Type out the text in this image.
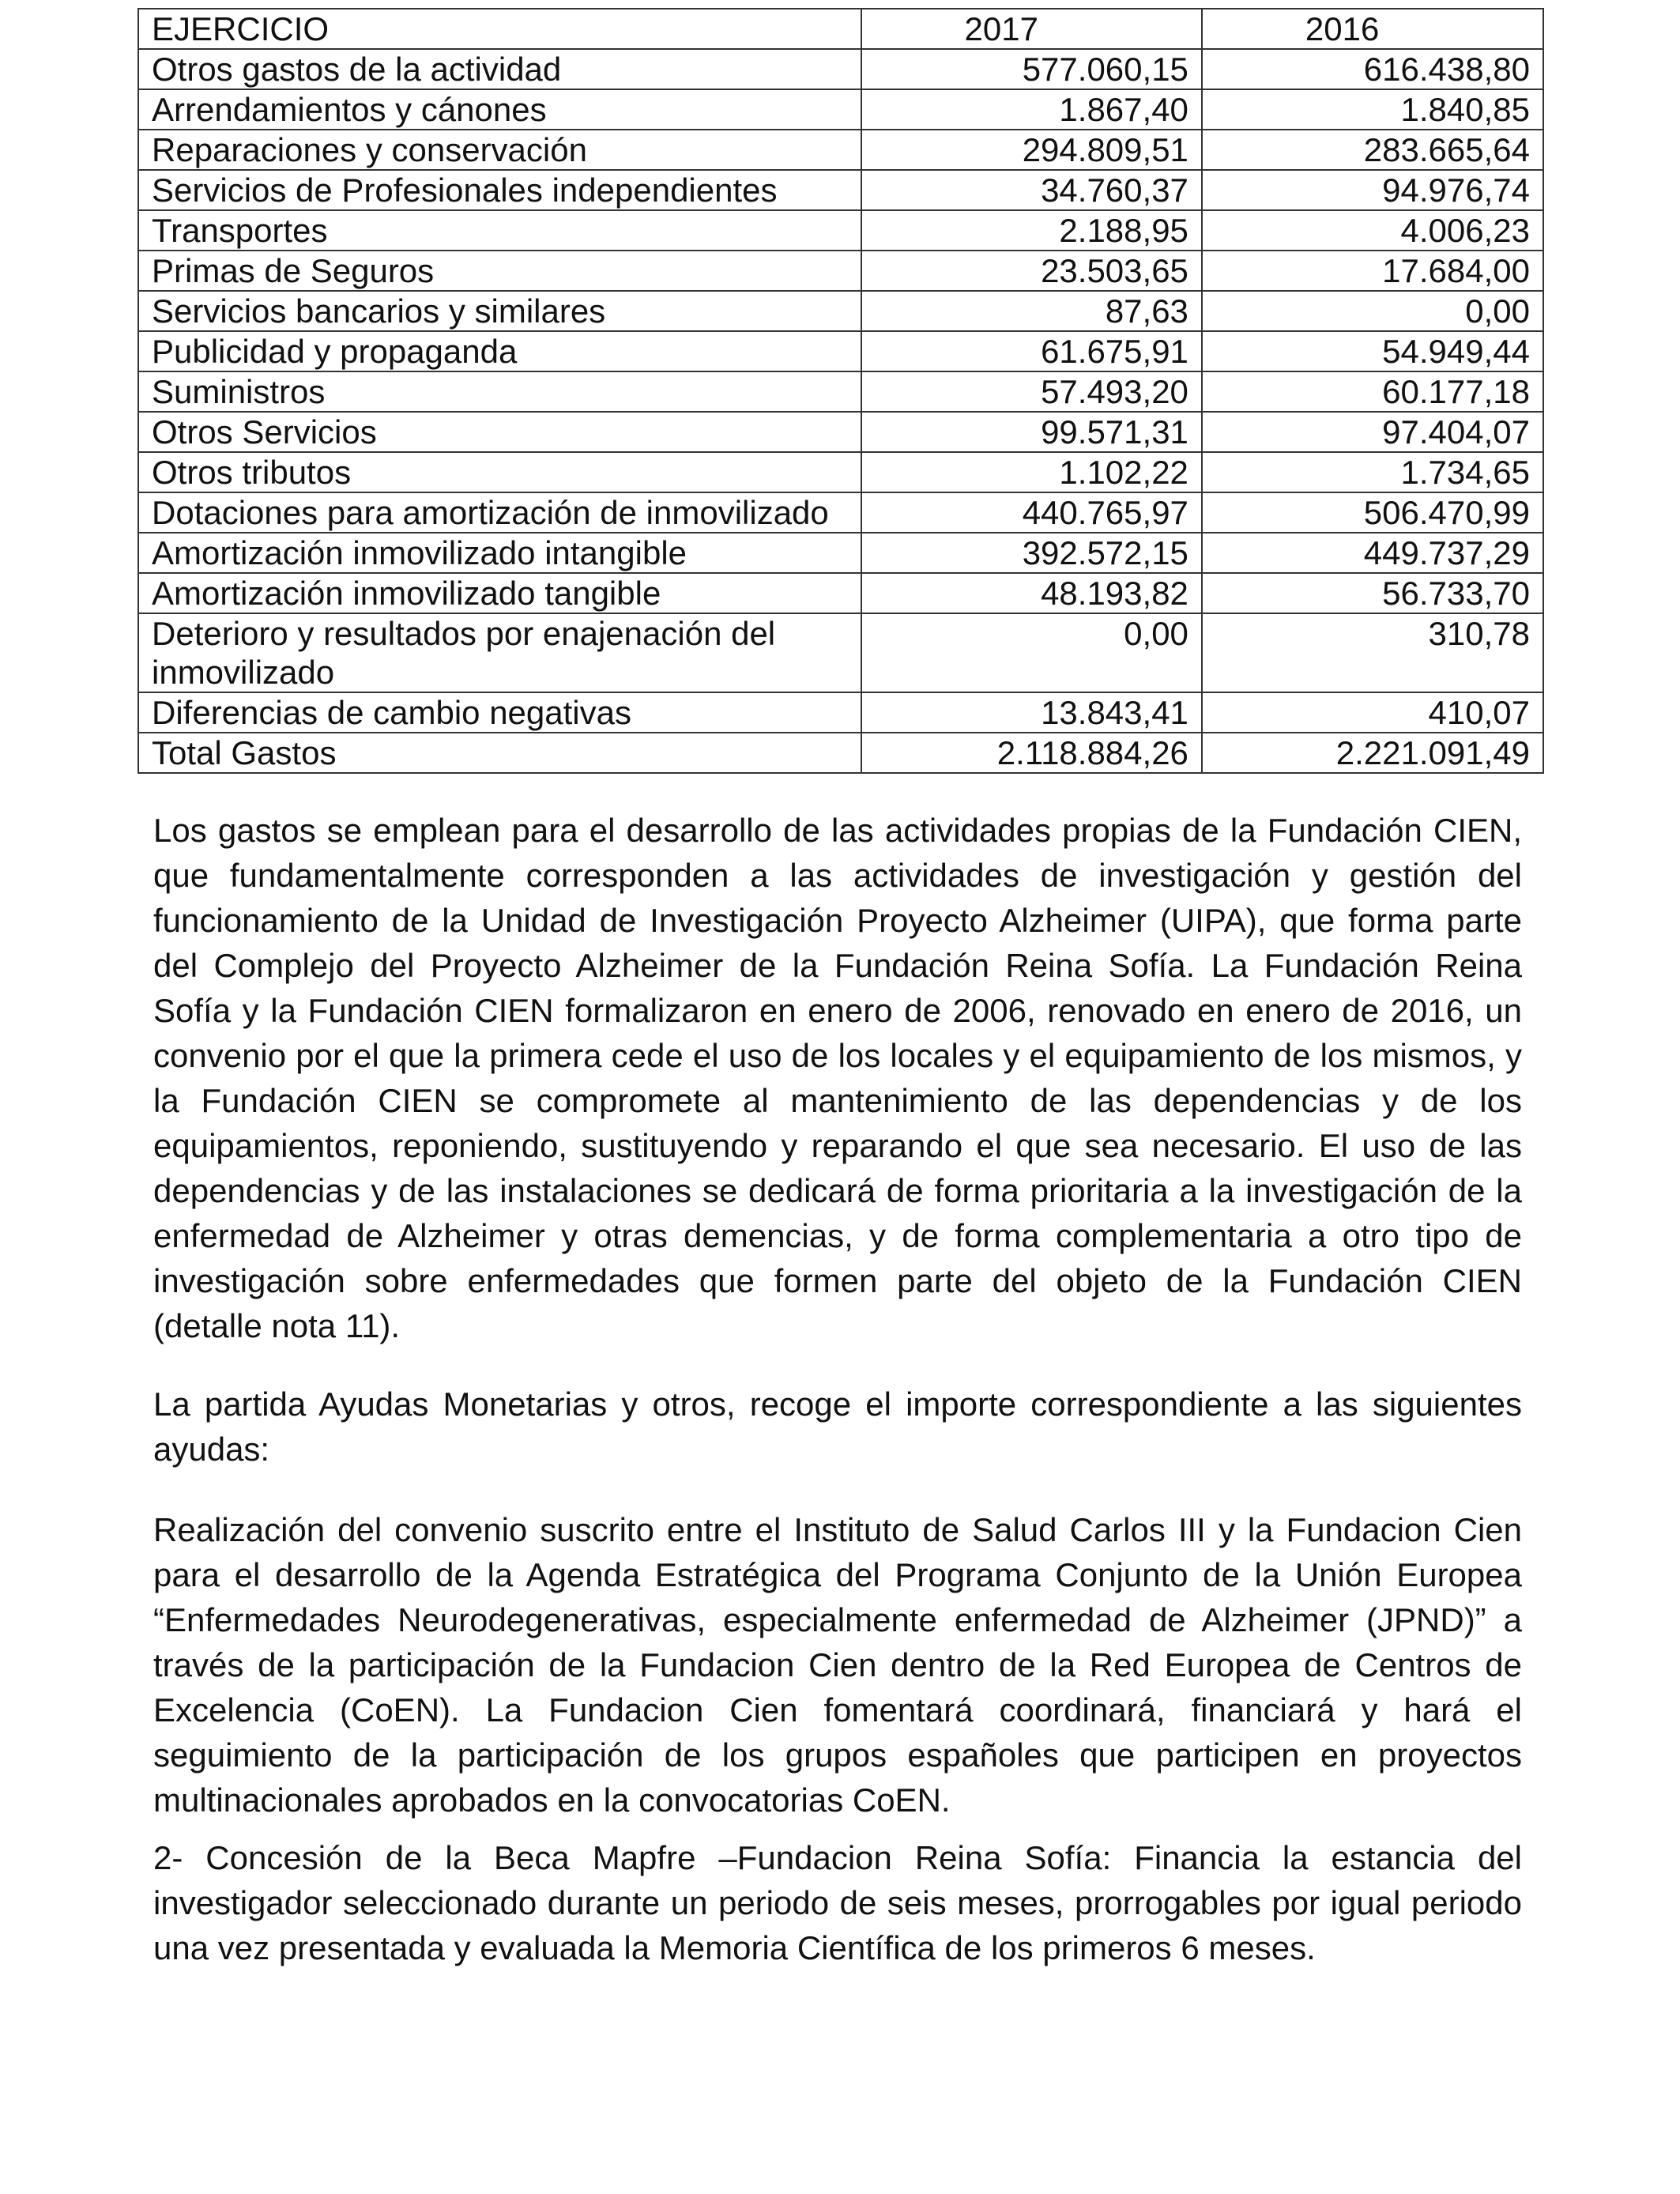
EJERCICIO	2017	2016
Otros gastos de la actividad	577.060,15	616.438,80
Arrendamientos y cánones	1.867,40	1.840,85
Reparaciones y conservación	294.809,51	283.665,64
Servicios de Profesionales independientes	34.760,37	94.976,74
Transportes	2.188,95	4.006,23
Primas de Seguros	23.503,65	17.684,00
Servicios bancarios y similares	87,63	0,00
Publicidad y propaganda	61.675,91	54.949,44
Suministros	57.493,20	60.177,18
Otros Servicios	99.571,31	97.404,07
Otros tributos	1.102,22	1.734,65
Dotaciones para amortización de inmovilizado	440.765,97	506.470,99
Amortización inmovilizado intangible	392.572,15	449.737,29
Amortización inmovilizado tangible	48.193,82	56.733,70
Deterioro y resultados por enajenación del inmovilizado	0,00	310,78
Diferencias de cambio negativas	13.843,41	410,07
Total Gastos	2.118.884,26	2.221.091,49

Los gastos se emplean para el desarrollo de las actividades propias de la Fundación CIEN, que fundamentalmente corresponden a las actividades de investigación y gestión del funcionamiento de la Unidad de Investigación Proyecto Alzheimer (UIPA), que forma parte del Complejo del Proyecto Alzheimer de la Fundación Reina Sofía. La Fundación Reina Sofía y la Fundación CIEN formalizaron en enero de 2006, renovado en enero de 2016, un convenio por el que la primera cede el uso de los locales y el equipamiento de los mismos, y la Fundación CIEN se compromete al mantenimiento de las dependencias y de los equipamientos, reponiendo, sustituyendo y reparando el que sea necesario. El uso de las dependencias y de las instalaciones se dedicará de forma prioritaria a la investigación de la enfermedad de Alzheimer y otras demencias, y de forma complementaria a otro tipo de investigación sobre enfermedades que formen parte del objeto de la Fundación CIEN (detalle nota 11).

La partida Ayudas Monetarias y otros, recoge el importe correspondiente a las siguientes ayudas:

Realización del convenio suscrito entre el Instituto de Salud Carlos III y la Fundacion Cien para el desarrollo de la Agenda Estratégica del Programa Conjunto de la Unión Europea “Enfermedades Neurodegenerativas, especialmente enfermedad de Alzheimer (JPND)” a través de la participación de la Fundacion Cien dentro de la Red Europea de Centros de Excelencia (CoEN). La Fundacion Cien fomentará coordinará, financiará y hará el seguimiento de la participación de los grupos españoles que participen en proyectos multinacionales aprobados en la convocatorias CoEN.

2- Concesión de la Beca Mapfre –Fundacion Reina Sofía: Financia la estancia del investigador seleccionado durante un periodo de seis meses, prorrogables por igual periodo una vez presentada y evaluada la Memoria Científica de los primeros 6 meses.
